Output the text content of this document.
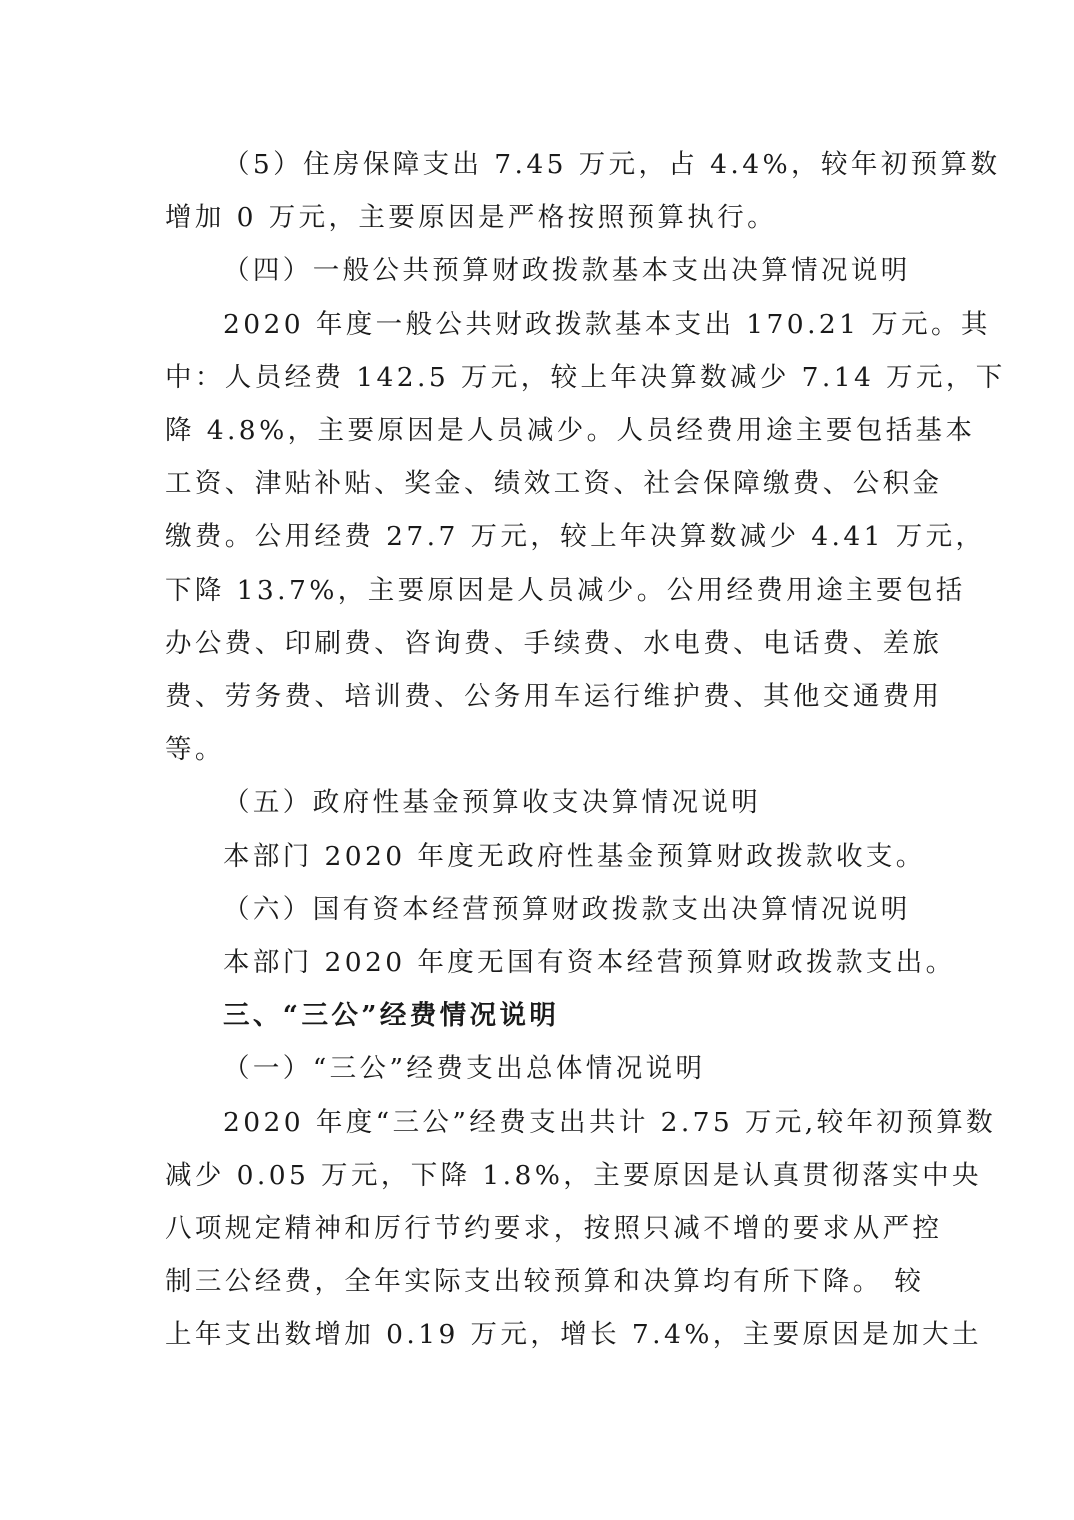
（5）住房保障支出 7.45 万元，占 4.4%，较年初预算数
增加 0 万元，主要原因是严格按照预算执行。
（四）一般公共预算财政拨款基本支出决算情况说明
2020 年度一般公共财政拨款基本支出 170.21 万元。其
中：人员经费 142.5 万元，较上年决算数减少 7.14 万元，下
降 4.8%，主要原因是人员减少。人员经费用途主要包括基本
工资、津贴补贴、奖金、绩效工资、社会保障缴费、公积金
缴费。公用经费 27.7 万元，较上年决算数减少 4.41 万元，
下降 13.7%，主要原因是人员减少。公用经费用途主要包括
办公费、印刷费、咨询费、手续费、水电费、电话费、差旅
费、劳务费、培训费、公务用车运行维护费、其他交通费用
等。
（五）政府性基金预算收支决算情况说明
本部门 2020 年度无政府性基金预算财政拨款收支。
（六）国有资本经营预算财政拨款支出决算情况说明
本部门 2020 年度无国有资本经营预算财政拨款支出。
三、“三公”经费情况说明
（一）“三公”经费支出总体情况说明
2020 年度“三公”经费支出共计 2.75 万元,较年初预算数
减少 0.05 万元，下降 1.8%，主要原因是认真贯彻落实中央
八项规定精神和厉行节约要求，按照只减不增的要求从严控
制三公经费，全年实际支出较预算和决算均有所下降。 较
上年支出数增加 0.19 万元，增长 7.4%，主要原因是加大土
